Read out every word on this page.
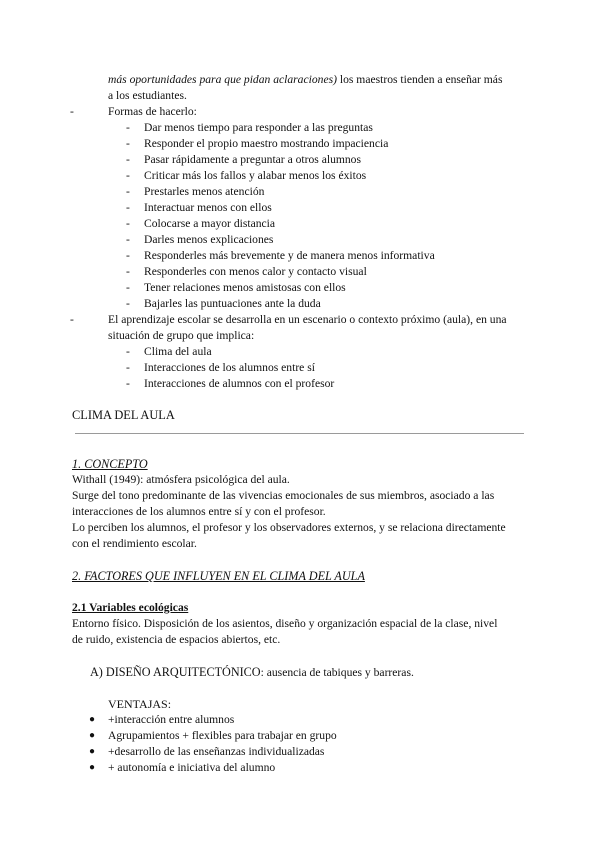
más oportunidades para que pidan aclaraciones) los maestros tienden a enseñar más
a los estudiantes.
- Formas de hacerlo:
- Dar menos tiempo para responder a las preguntas
- Responder el propio maestro mostrando impaciencia
- Pasar rápidamente a preguntar a otros alumnos
- Criticar más los fallos y alabar menos los éxitos
- Prestarles menos atención
- Interactuar menos con ellos
- Colocarse a mayor distancia
- Darles menos explicaciones
- Responderles más brevemente y de manera menos informativa
- Responderles con menos calor y contacto visual
- Tener relaciones menos amistosas con ellos
- Bajarles las puntuaciones ante la duda
- El aprendizaje escolar se desarrolla en un escenario o contexto próximo (aula), en una
situación de grupo que implica:
- Clima del aula
- Interacciones de los alumnos entre sí
- Interacciones de alumnos con el profesor
CLIMA DEL AULA
1. CONCEPTO
Withall (1949): atmósfera psicológica del aula.
Surge del tono predominante de las vivencias emocionales de sus miembros, asociado a las
interacciones de los alumnos entre sí y con el profesor.
Lo perciben los alumnos, el profesor y los observadores externos, y se relaciona directamente
con el rendimiento escolar.
2. FACTORES QUE INFLUYEN EN EL CLIMA DEL AULA
2.1 Variables ecológicas
Entorno físico. Disposición de los asientos, diseño y organización espacial de la clase, nivel
de ruido, existencia de espacios abiertos, etc.
A) DISEÑO ARQUITECTÓNICO: ausencia de tabiques y barreras.
VENTAJAS:
● +interacción entre alumnos
● Agrupamientos + flexibles para trabajar en grupo
● +desarrollo de las enseñanzas individualizadas
● + autonomía e iniciativa del alumno
